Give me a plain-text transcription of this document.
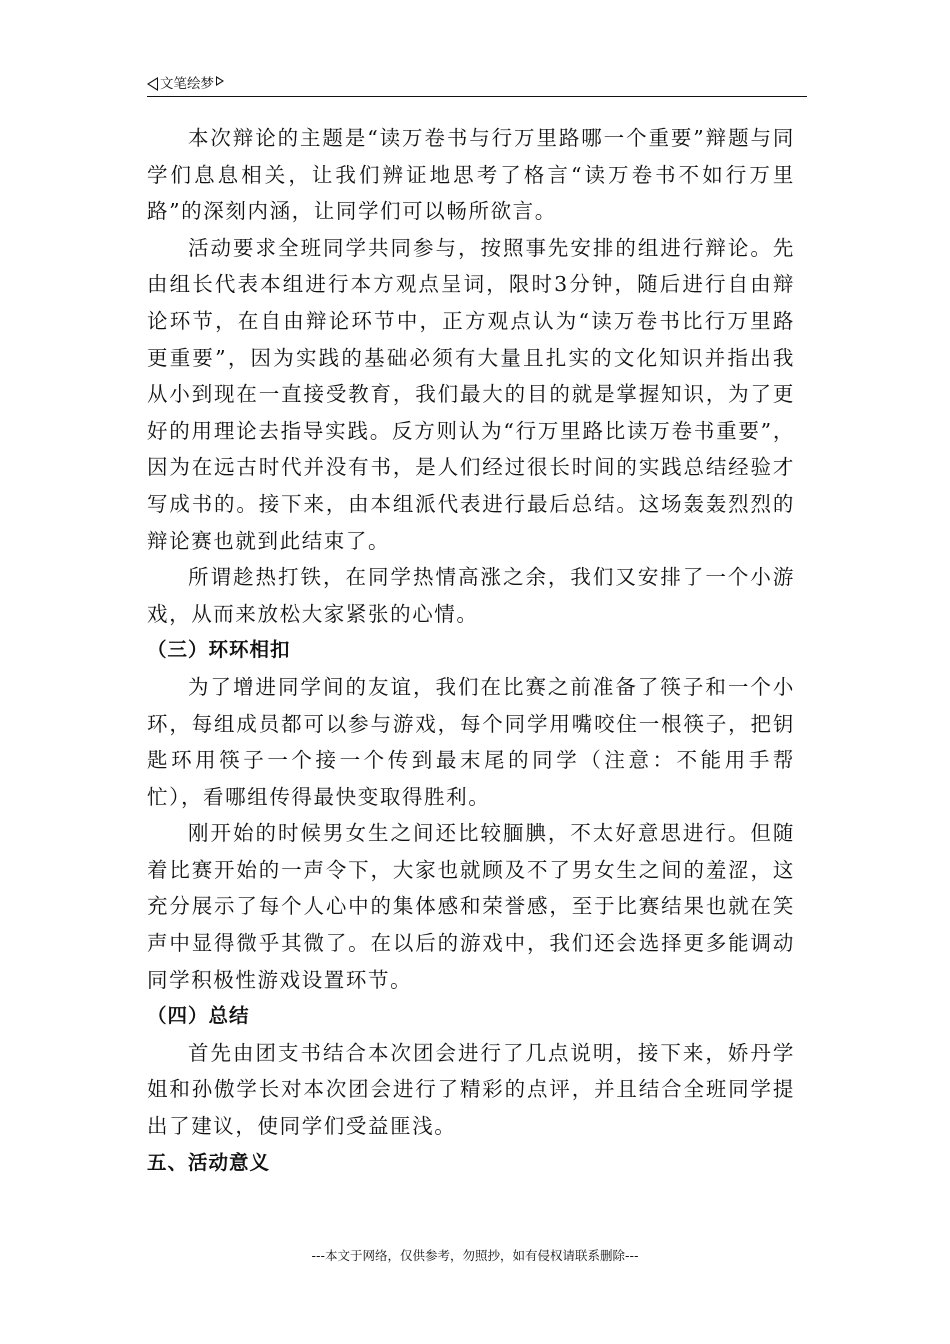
文笔绘梦

本次辩论的主题是“读万卷书与行万里路哪一个重要”辩题与同学们息息相关，让我们辨证地思考了格言“读万卷书不如行万里路”的深刻内涵，让同学们可以畅所欲言。

活动要求全班同学共同参与，按照事先安排的组进行辩论。先由组长代表本组进行本方观点呈词，限时3分钟，随后进行自由辩论环节，在自由辩论环节中，正方观点认为“读万卷书比行万里路更重要”，因为实践的基础必须有大量且扎实的文化知识并指出我从小到现在一直接受教育，我们最大的目的就是掌握知识，为了更好的用理论去指导实践。反方则认为“行万里路比读万卷书重要”，因为在远古时代并没有书，是人们经过很长时间的实践总结经验才写成书的。接下来，由本组派代表进行最后总结。这场轰轰烈烈的辩论赛也就到此结束了。

所谓趁热打铁，在同学热情高涨之余，我们又安排了一个小游戏，从而来放松大家紧张的心情。

（三）环环相扣

为了增进同学间的友谊，我们在比赛之前准备了筷子和一个小环，每组成员都可以参与游戏，每个同学用嘴咬住一根筷子，把钥匙环用筷子一个接一个传到最末尾的同学（注意：不能用手帮忙），看哪组传得最快变取得胜利。

刚开始的时候男女生之间还比较腼腆，不太好意思进行。但随着比赛开始的一声令下，大家也就顾及不了男女生之间的羞涩，这充分展示了每个人心中的集体感和荣誉感，至于比赛结果也就在笑声中显得微乎其微了。在以后的游戏中，我们还会选择更多能调动同学积极性游戏设置环节。

（四）总结

首先由团支书结合本次团会进行了几点说明，接下来，娇丹学姐和孙傲学长对本次团会进行了精彩的点评，并且结合全班同学提出了建议，使同学们受益匪浅。

五、活动意义

---本文于网络，仅供参考，勿照抄，如有侵权请联系删除---
